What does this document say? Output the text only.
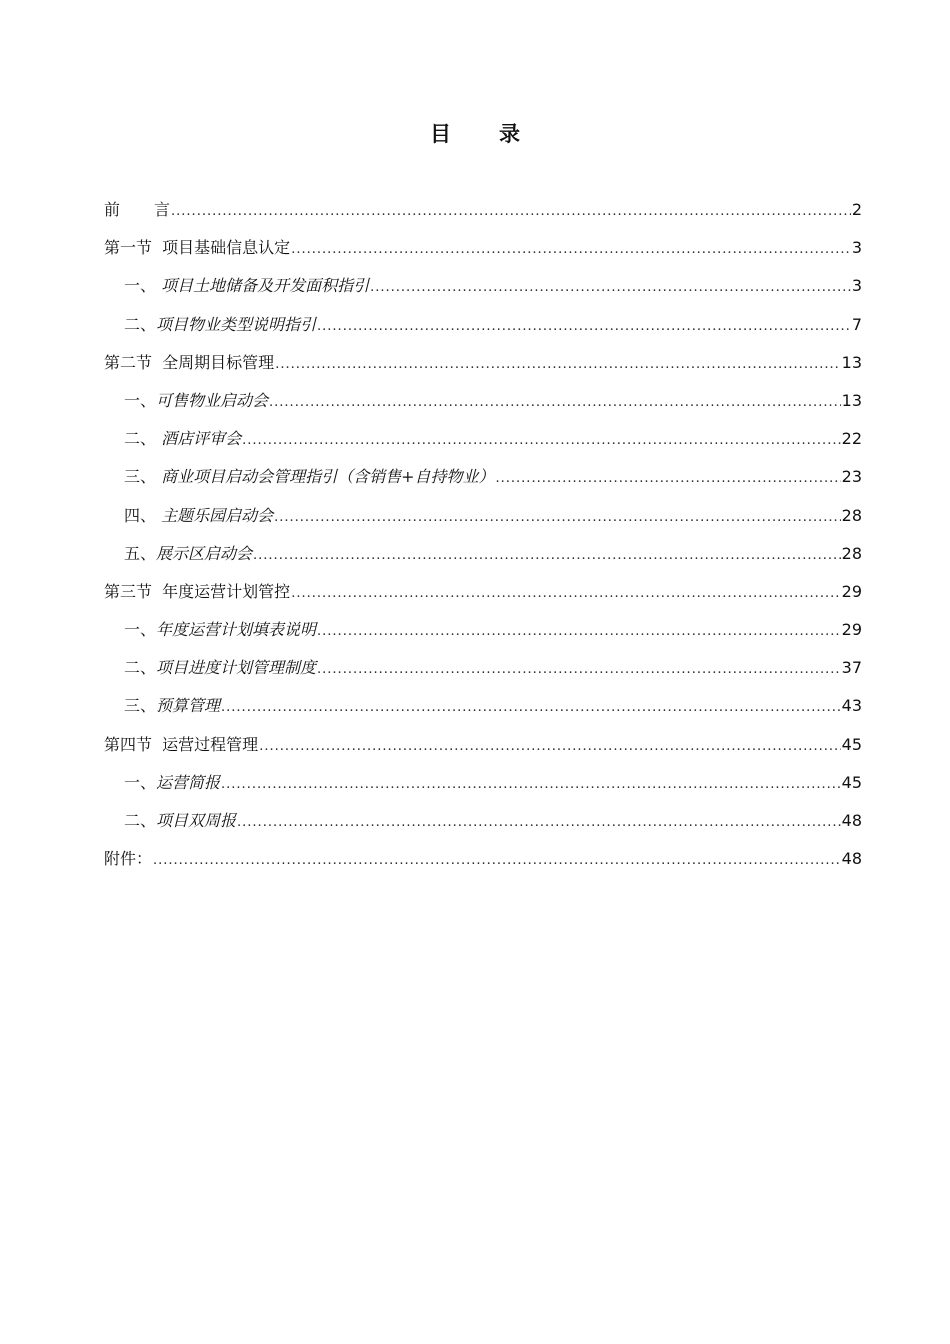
目 录
前 言 .....	2
第一节  项目基础信息认定 .....	3
一、 项目土地储备及开发面积指引 .....	3
二、项目物业类型说明指引 .....	7
第二节  全周期目标管理 .....	13
一、可售物业启动会 .....	13
二、 酒店评审会 .....	22
三、 商业项目启动会管理指引（含销售+自持物业） .....	23
四、 主题乐园启动会 .....	28
五、展示区启动会 .....	28
第三节  年度运营计划管控 .....	29
一、年度运营计划填表说明 .....	29
二、项目进度计划管理制度 .....	37
三、预算管理 .....	43
第四节  运营过程管理 .....	45
一、运营简报 .....	45
二、项目双周报 .....	48
附件： .....	48
